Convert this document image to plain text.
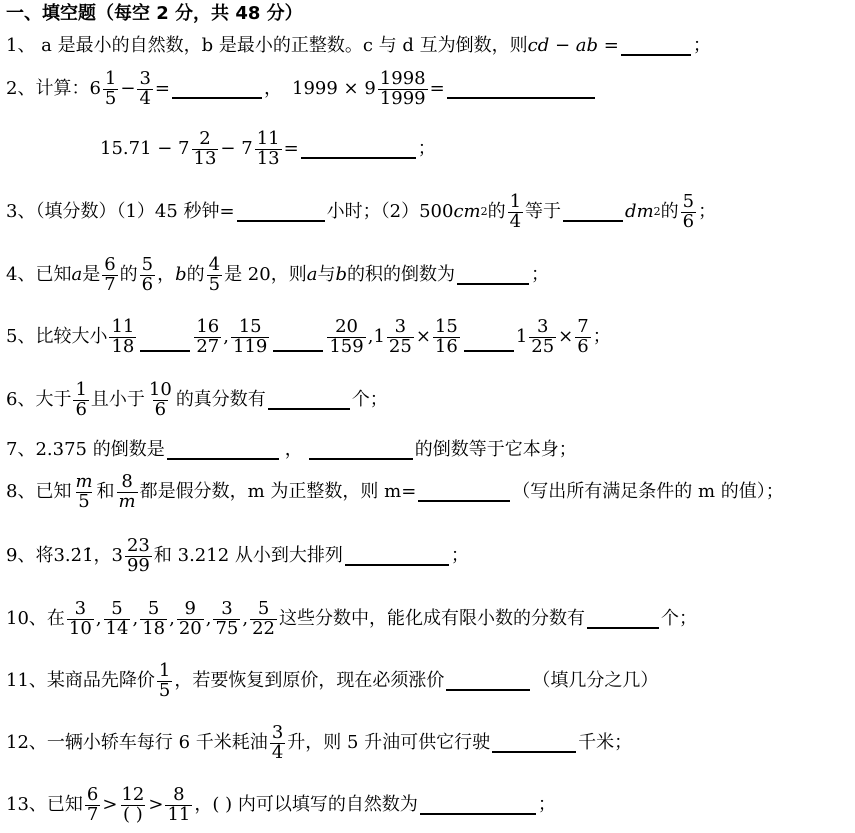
一、填空题（每空 2 分，共 48 分）
1、 a 是最小的自然数，b 是最小的正整数。c 与 d 互为倒数，则 cd − ab =	；
2、计算： $6 \frac{1}{5} - \frac{3}{4}$ =	， $1999 \times 9 \frac{1998}{1999}$ =
$15.71 - 7 \frac{2}{13} - 7 \frac{11}{13}$ =	；
3、（填分数）（1）45 秒钟=	小时；（2）500 cm 2 的 $\frac{1}{4}$ 等于	dm 2 的 $\frac{5}{6}$ ；
4、已知 a 是 $\frac{6}{7}$ 的 $\frac{5}{6}$ ， b 的 $\frac{4}{5}$ 是 20，则 a 与 b 的积的倒数为	；
5、比较大小 $\frac{11}{18}$	$\frac{16}{27}$ , $\frac{15}{119}$	$\frac{20}{159}$ , $1 \frac{3}{25} \times \frac{15}{16}$	$1 \frac{3}{25} \times \frac{7}{6}$ ；
6、大于 $\frac{1}{6}$ 且小于 $\frac{10}{6}$ 的真分数有	个；
7、2.375 的倒数是	，	的倒数等于它本身；
8、已知 $\frac{m}{5}$ 和 $\frac{8}{m}$ 都是假分数，m 为正整数，则 m=	（写出所有满足条件的 m 的值）；
9、将 3.2̇1̇ ， $3 \frac{23}{99}$ 和 3.212 从小到大排列	；
10、在 $\frac{3}{10}$ , $\frac{5}{14}$ , $\frac{5}{18}$ , $\frac{9}{20}$ , $\frac{3}{75}$ , $\frac{5}{22}$ 这些分数中，能化成有限小数的分数有	个；
11、某商品先降价 $\frac{1}{5}$ ，若要恢复到原价，现在必须涨价	（填几分之几）
12、一辆小轿车每行 6 千米耗油 $\frac{3}{4}$ 升，则 5 升油可供它行驶	千米；
13、已知 $\frac{6}{7} > \frac{12}{( )} > \frac{8}{11}$ ，( ) 内可以填写的自然数为	；
